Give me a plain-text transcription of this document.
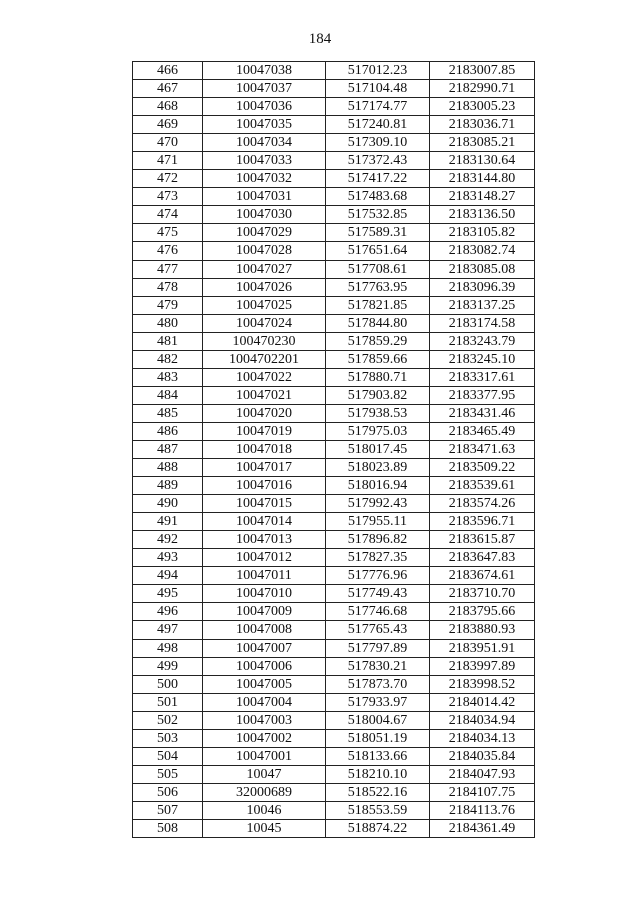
184
466	10047038	517012.23	2183007.85
467	10047037	517104.48	2182990.71
468	10047036	517174.77	2183005.23
469	10047035	517240.81	2183036.71
470	10047034	517309.10	2183085.21
471	10047033	517372.43	2183130.64
472	10047032	517417.22	2183144.80
473	10047031	517483.68	2183148.27
474	10047030	517532.85	2183136.50
475	10047029	517589.31	2183105.82
476	10047028	517651.64	2183082.74
477	10047027	517708.61	2183085.08
478	10047026	517763.95	2183096.39
479	10047025	517821.85	2183137.25
480	10047024	517844.80	2183174.58
481	100470230	517859.29	2183243.79
482	1004702201	517859.66	2183245.10
483	10047022	517880.71	2183317.61
484	10047021	517903.82	2183377.95
485	10047020	517938.53	2183431.46
486	10047019	517975.03	2183465.49
487	10047018	518017.45	2183471.63
488	10047017	518023.89	2183509.22
489	10047016	518016.94	2183539.61
490	10047015	517992.43	2183574.26
491	10047014	517955.11	2183596.71
492	10047013	517896.82	2183615.87
493	10047012	517827.35	2183647.83
494	10047011	517776.96	2183674.61
495	10047010	517749.43	2183710.70
496	10047009	517746.68	2183795.66
497	10047008	517765.43	2183880.93
498	10047007	517797.89	2183951.91
499	10047006	517830.21	2183997.89
500	10047005	517873.70	2183998.52
501	10047004	517933.97	2184014.42
502	10047003	518004.67	2184034.94
503	10047002	518051.19	2184034.13
504	10047001	518133.66	2184035.84
505	10047	518210.10	2184047.93
506	32000689	518522.16	2184107.75
507	10046	518553.59	2184113.76
508	10045	518874.22	2184361.49
